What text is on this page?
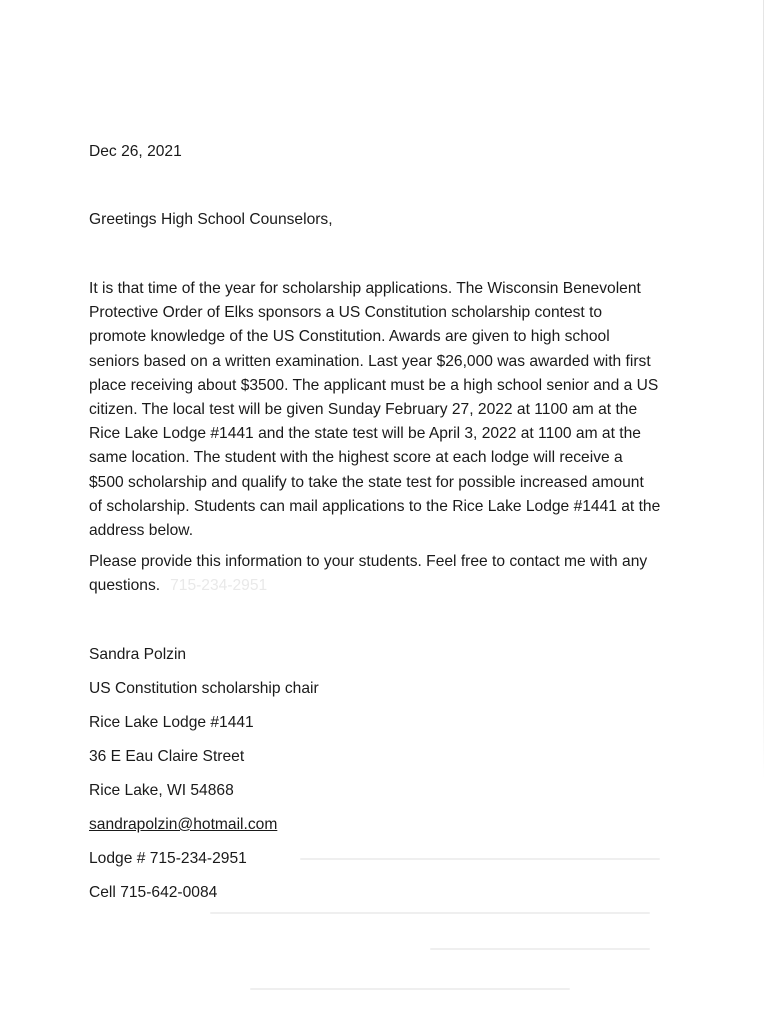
Dec 26, 2021

Greetings High School Counselors,

It is that time of the year for scholarship applications. The Wisconsin Benevolent
Protective Order of Elks sponsors a US Constitution scholarship contest to
promote knowledge of the US Constitution. Awards are given to high school
seniors based on a written examination. Last year $26,000 was awarded with first
place receiving about $3500. The applicant must be a high school senior and a US
citizen. The local test will be given Sunday February 27, 2022 at 1100 am at the
Rice Lake Lodge #1441 and the state test will be April 3, 2022 at 1100 am at the
same location. The student with the highest score at each lodge will receive a
$500 scholarship and qualify to take the state test for possible increased amount
of scholarship. Students can mail applications to the Rice Lake Lodge #1441 at the
address below.

Please provide this information to your students. Feel free to contact me with any
questions. 715-234-2951

Sandra Polzin

US Constitution scholarship chair

Rice Lake Lodge #1441

36 E Eau Claire Street

Rice Lake, WI 54868

sandrapolzin@hotmail.com

Lodge # 715-234-2951

Cell 715-642-0084
